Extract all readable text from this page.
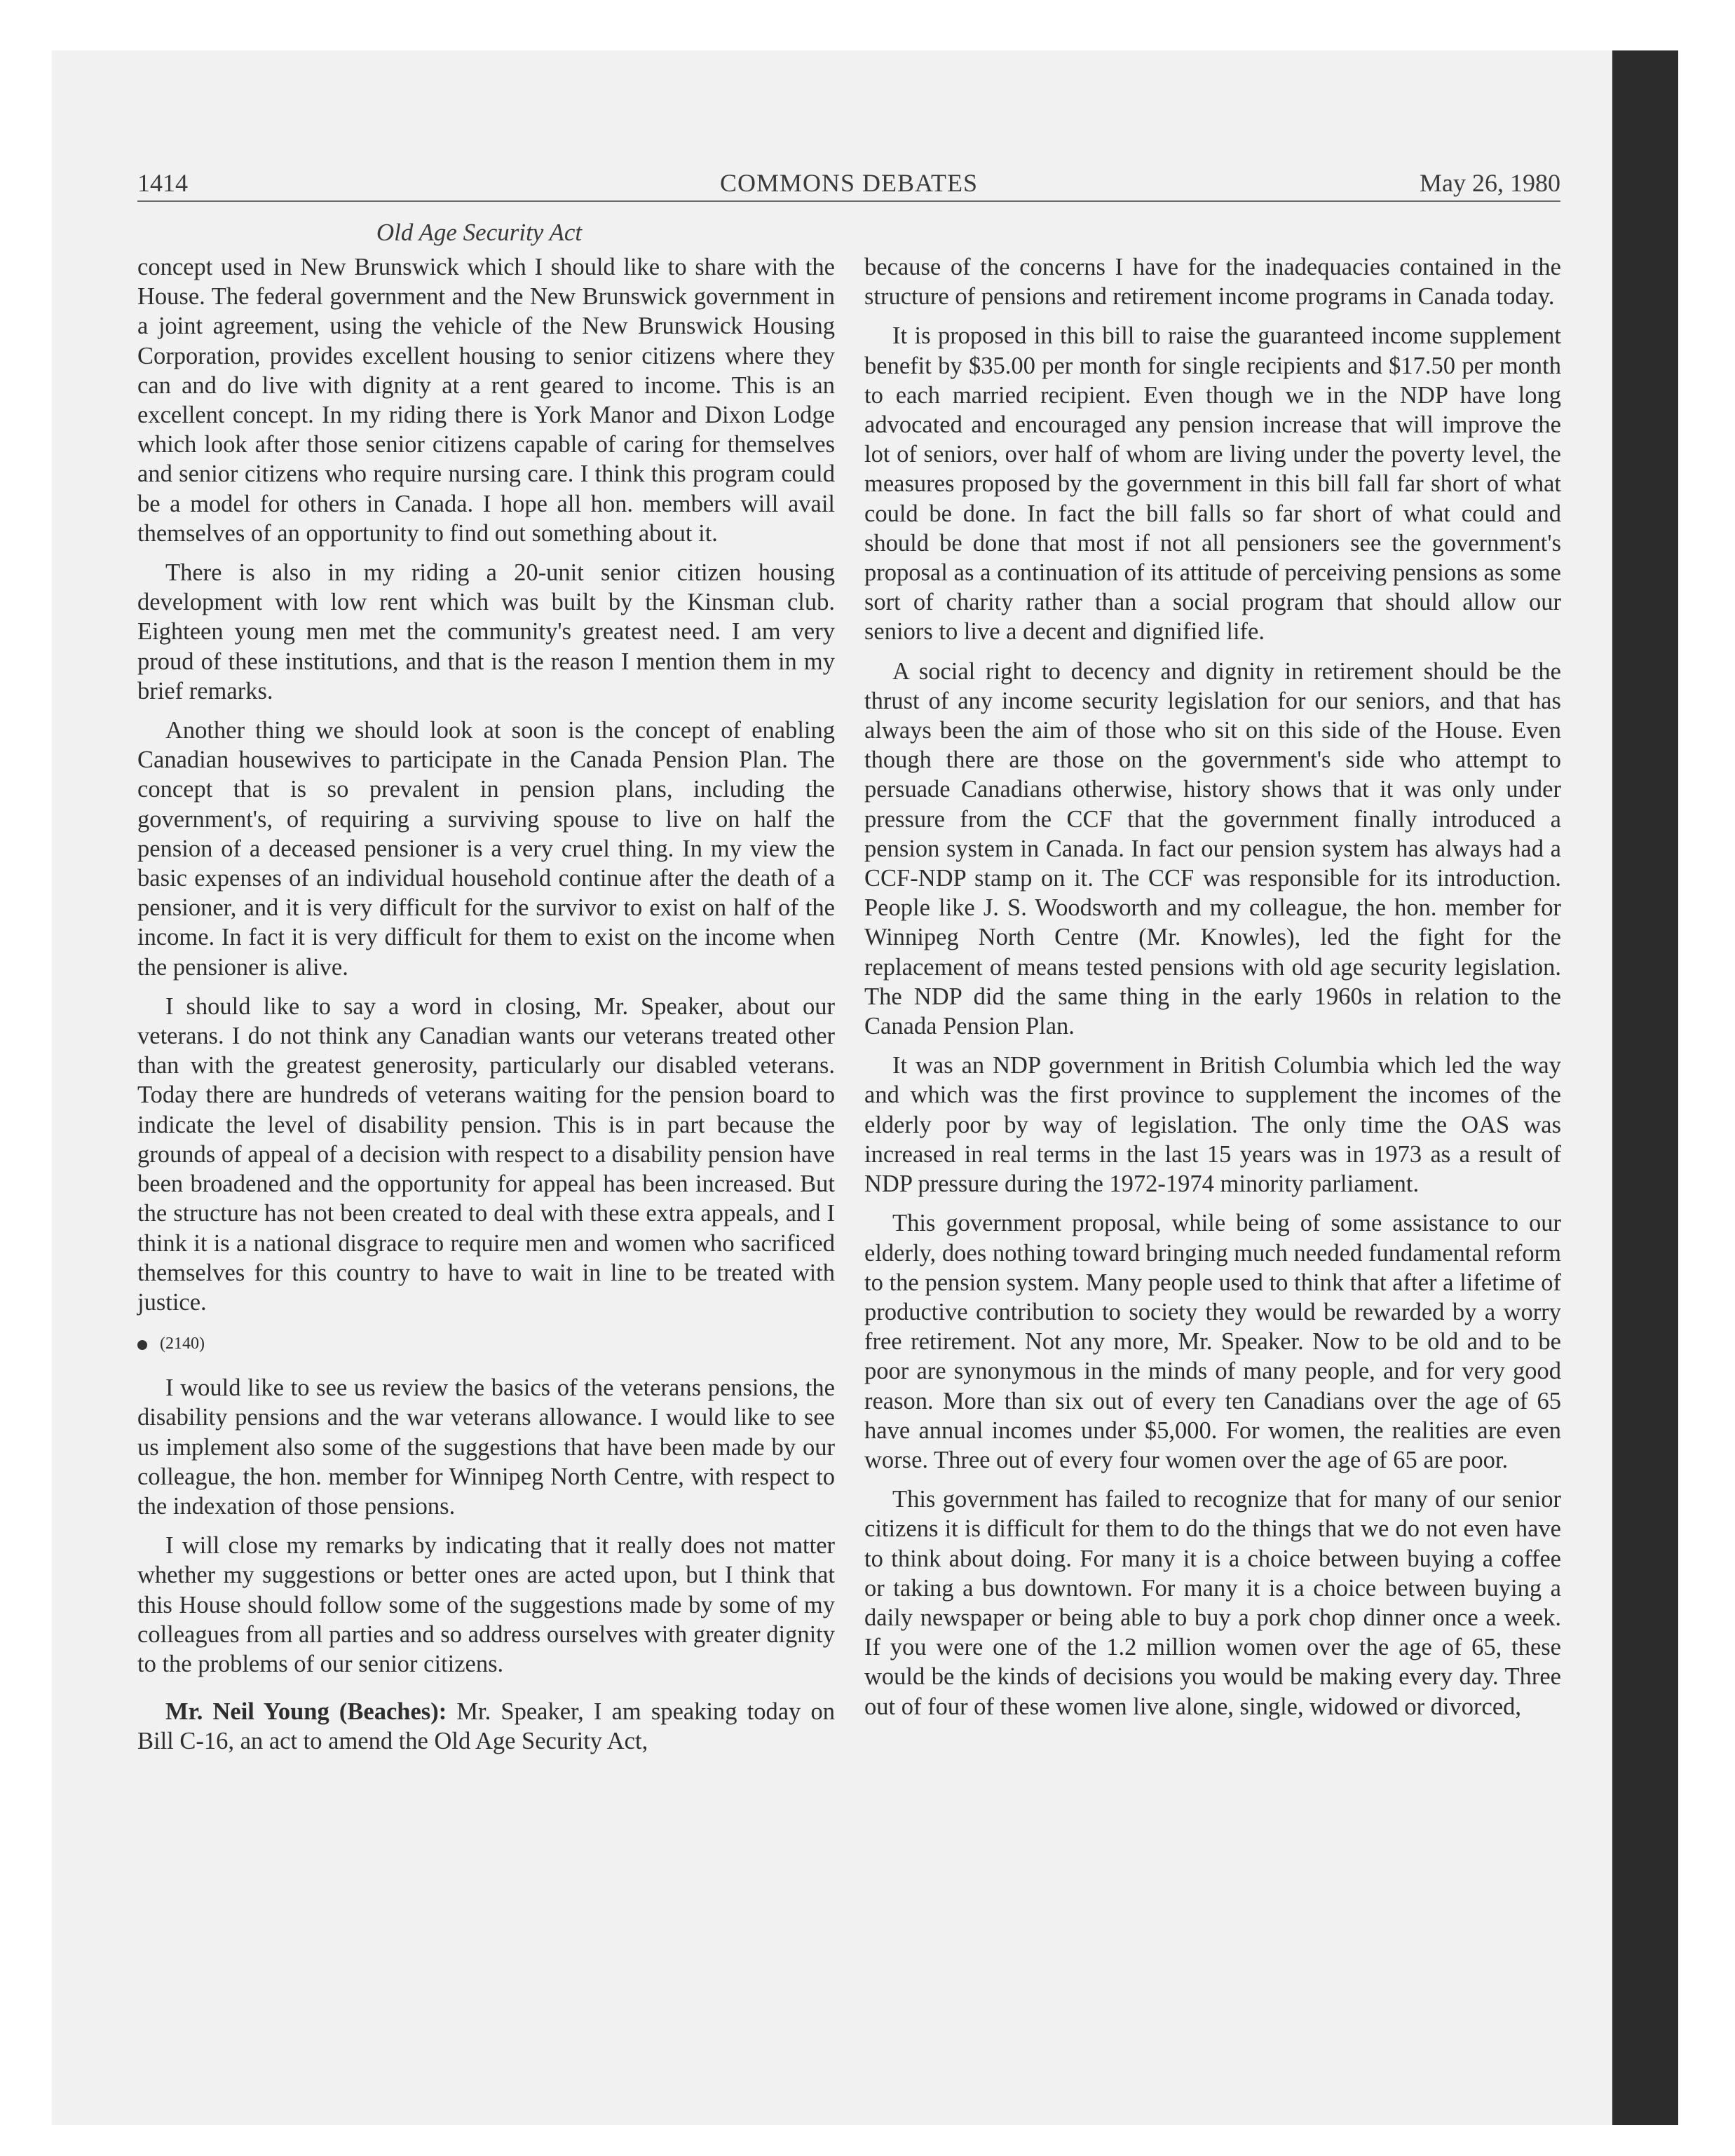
1414	COMMONS DEBATES	May 26, 1980
Old Age Security Act

concept used in New Brunswick which I should like to share with the House. The federal government and the New Brunswick government in a joint agreement, using the vehicle of the New Brunswick Housing Corporation, provides excellent housing to senior citizens where they can and do live with dignity at a rent geared to income. This is an excellent concept. In my riding there is York Manor and Dixon Lodge which look after those senior citizens capable of caring for themselves and senior citizens who require nursing care. I think this program could be a model for others in Canada. I hope all hon. members will avail themselves of an opportunity to find out something about it.

There is also in my riding a 20-unit senior citizen housing development with low rent which was built by the Kinsman club. Eighteen young men met the community's greatest need. I am very proud of these institutions, and that is the reason I mention them in my brief remarks.

Another thing we should look at soon is the concept of enabling Canadian housewives to participate in the Canada Pension Plan. The concept that is so prevalent in pension plans, including the government's, of requiring a surviving spouse to live on half the pension of a deceased pensioner is a very cruel thing. In my view the basic expenses of an individual household continue after the death of a pensioner, and it is very difficult for the survivor to exist on half of the income. In fact it is very difficult for them to exist on the income when the pensioner is alive.

I should like to say a word in closing, Mr. Speaker, about our veterans. I do not think any Canadian wants our veterans treated other than with the greatest generosity, particularly our disabled veterans. Today there are hundreds of veterans waiting for the pension board to indicate the level of disability pension. This is in part because the grounds of appeal of a decision with respect to a disability pension have been broadened and the opportunity for appeal has been increased. But the structure has not been created to deal with these extra appeals, and I think it is a national disgrace to require men and women who sacrificed themselves for this country to have to wait in line to be treated with justice.

(2140)

I would like to see us review the basics of the veterans pensions, the disability pensions and the war veterans allowance. I would like to see us implement also some of the suggestions that have been made by our colleague, the hon. member for Winnipeg North Centre, with respect to the indexation of those pensions.

I will close my remarks by indicating that it really does not matter whether my suggestions or better ones are acted upon, but I think that this House should follow some of the suggestions made by some of my colleagues from all parties and so address ourselves with greater dignity to the problems of our senior citizens.

Mr. Neil Young (Beaches): Mr. Speaker, I am speaking today on Bill C-16, an act to amend the Old Age Security Act,

because of the concerns I have for the inadequacies contained in the structure of pensions and retirement income programs in Canada today.

It is proposed in this bill to raise the guaranteed income supplement benefit by $35.00 per month for single recipients and $17.50 per month to each married recipient. Even though we in the NDP have long advocated and encouraged any pension increase that will improve the lot of seniors, over half of whom are living under the poverty level, the measures proposed by the government in this bill fall far short of what could be done. In fact the bill falls so far short of what could and should be done that most if not all pensioners see the government's proposal as a continuation of its attitude of perceiving pensions as some sort of charity rather than a social program that should allow our seniors to live a decent and dignified life.

A social right to decency and dignity in retirement should be the thrust of any income security legislation for our seniors, and that has always been the aim of those who sit on this side of the House. Even though there are those on the government's side who attempt to persuade Canadians otherwise, history shows that it was only under pressure from the CCF that the government finally introduced a pension system in Canada. In fact our pension system has always had a CCF-NDP stamp on it. The CCF was responsible for its introduction. People like J. S. Woodsworth and my colleague, the hon. member for Winnipeg North Centre (Mr. Knowles), led the fight for the replacement of means tested pensions with old age security legislation. The NDP did the same thing in the early 1960s in relation to the Canada Pension Plan.

It was an NDP government in British Columbia which led the way and which was the first province to supplement the incomes of the elderly poor by way of legislation. The only time the OAS was increased in real terms in the last 15 years was in 1973 as a result of NDP pressure during the 1972-1974 minority parliament.

This government proposal, while being of some assistance to our elderly, does nothing toward bringing much needed fundamental reform to the pension system. Many people used to think that after a lifetime of productive contribution to society they would be rewarded by a worry free retirement. Not any more, Mr. Speaker. Now to be old and to be poor are synonymous in the minds of many people, and for very good reason. More than six out of every ten Canadians over the age of 65 have annual incomes under $5,000. For women, the realities are even worse. Three out of every four women over the age of 65 are poor.

This government has failed to recognize that for many of our senior citizens it is difficult for them to do the things that we do not even have to think about doing. For many it is a choice between buying a coffee or taking a bus downtown. For many it is a choice between buying a daily newspaper or being able to buy a pork chop dinner once a week. If you were one of the 1.2 million women over the age of 65, these would be the kinds of decisions you would be making every day. Three out of four of these women live alone, single, widowed or divorced,
